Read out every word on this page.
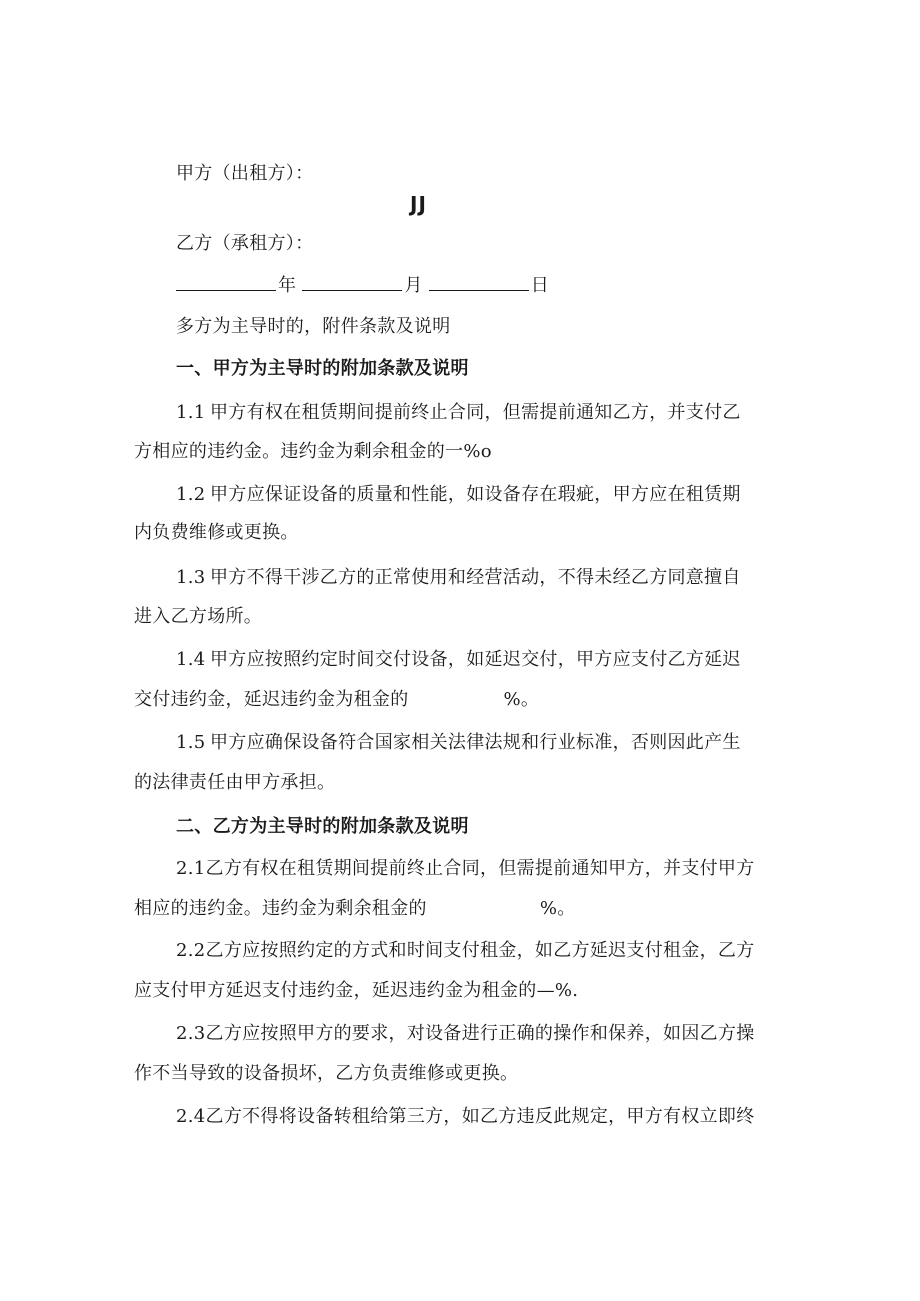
甲方（出租方）：
JJ
乙方（承租方）：
年	月	日
多方为主导时的，附件条款及说明
一、甲方为主导时的附加条款及说明
1.1 甲方有权在租赁期间提前终止合同，但需提前通知乙方，并支付乙
方相应的违约金。违约金为剩余租金的一%o
1.2 甲方应保证设备的质量和性能，如设备存在瑕疵，甲方应在租赁期
内负费维修或更换。
1.3 甲方不得干涉乙方的正常使用和经营活动，不得未经乙方同意擅自
进入乙方场所。
1.4 甲方应按照约定时间交付设备，如延迟交付，甲方应支付乙方延迟
交付违约金，延迟违约金为租金的	%。
1.5 甲方应确保设备符合国家相关法律法规和行业标准，否则因此产生
的法律责任由甲方承担。
二、乙方为主导时的附加条款及说明
2.1乙方有权在租赁期间提前终止合同，但需提前通知甲方，并支付甲方
相应的违约金。违约金为剩余租金的	%。
2.2乙方应按照约定的方式和时间支付租金，如乙方延迟支付租金，乙方
应支付甲方延迟支付违约金，延迟违约金为租金的—%.
2.3乙方应按照甲方的要求，对设备进行正确的操作和保养，如因乙方操
作不当导致的设备损坏，乙方负责维修或更换。
2.4乙方不得将设备转租给第三方，如乙方违反此规定，甲方有权立即终
